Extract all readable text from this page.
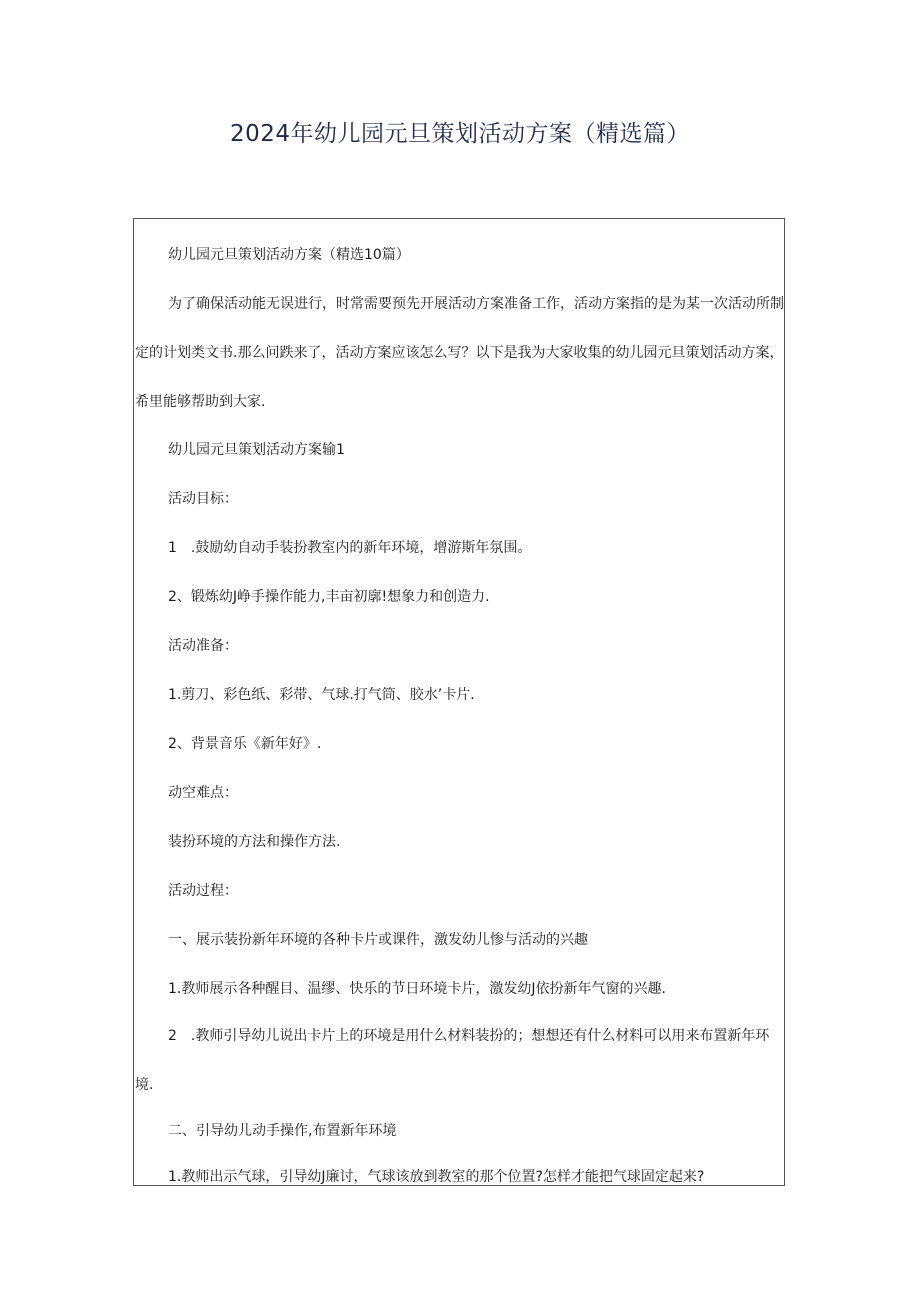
2024年幼儿园元旦策划活动方案（精选篇）
幼儿园元旦策划活动方案（精选10篇）
为了确保活动能无误进行，时常需要预先开展活动方案准备工作，活动方案指的是为某一次活动所制定的计划类文书.那么问跌来了，活动方案应该怎么写？以下是我为大家收集的幼儿园元旦策划活动方案，希里能够帮助到大家.
幼儿园元旦策划活动方案输1
活动目标：
1　.鼓励幼自动手装扮教室内的新年环境，增游斯年氛围。
2、锻炼幼J峥手操作能力,丰亩初廓!想象力和创造力.
活动准备：
1.剪刀、彩色纸、彩带、气球.打气筒、胶水’卡片.
2、背景音乐《新年好》.
动空难点：
装扮环境的方法和操作方法.
活动过程：
一、展示装扮新年环境的各种卡片或课件，激发幼儿惨与活动的兴趣
1.教师展示各种醒目、温缪、快乐的节日环境卡片，激发幼J依扮新年气窗的兴趣.
2　.教师引导幼儿说出卡片上的环境是用什么材料装扮的；想想还有什么材料可以用来布置新年环境.
二、引导幼儿动手操作,布置新年环境
1.教师出示气球，引导幼J廉讨，气球该放到教室的那个位置?怎样才能把气球固定起来?
